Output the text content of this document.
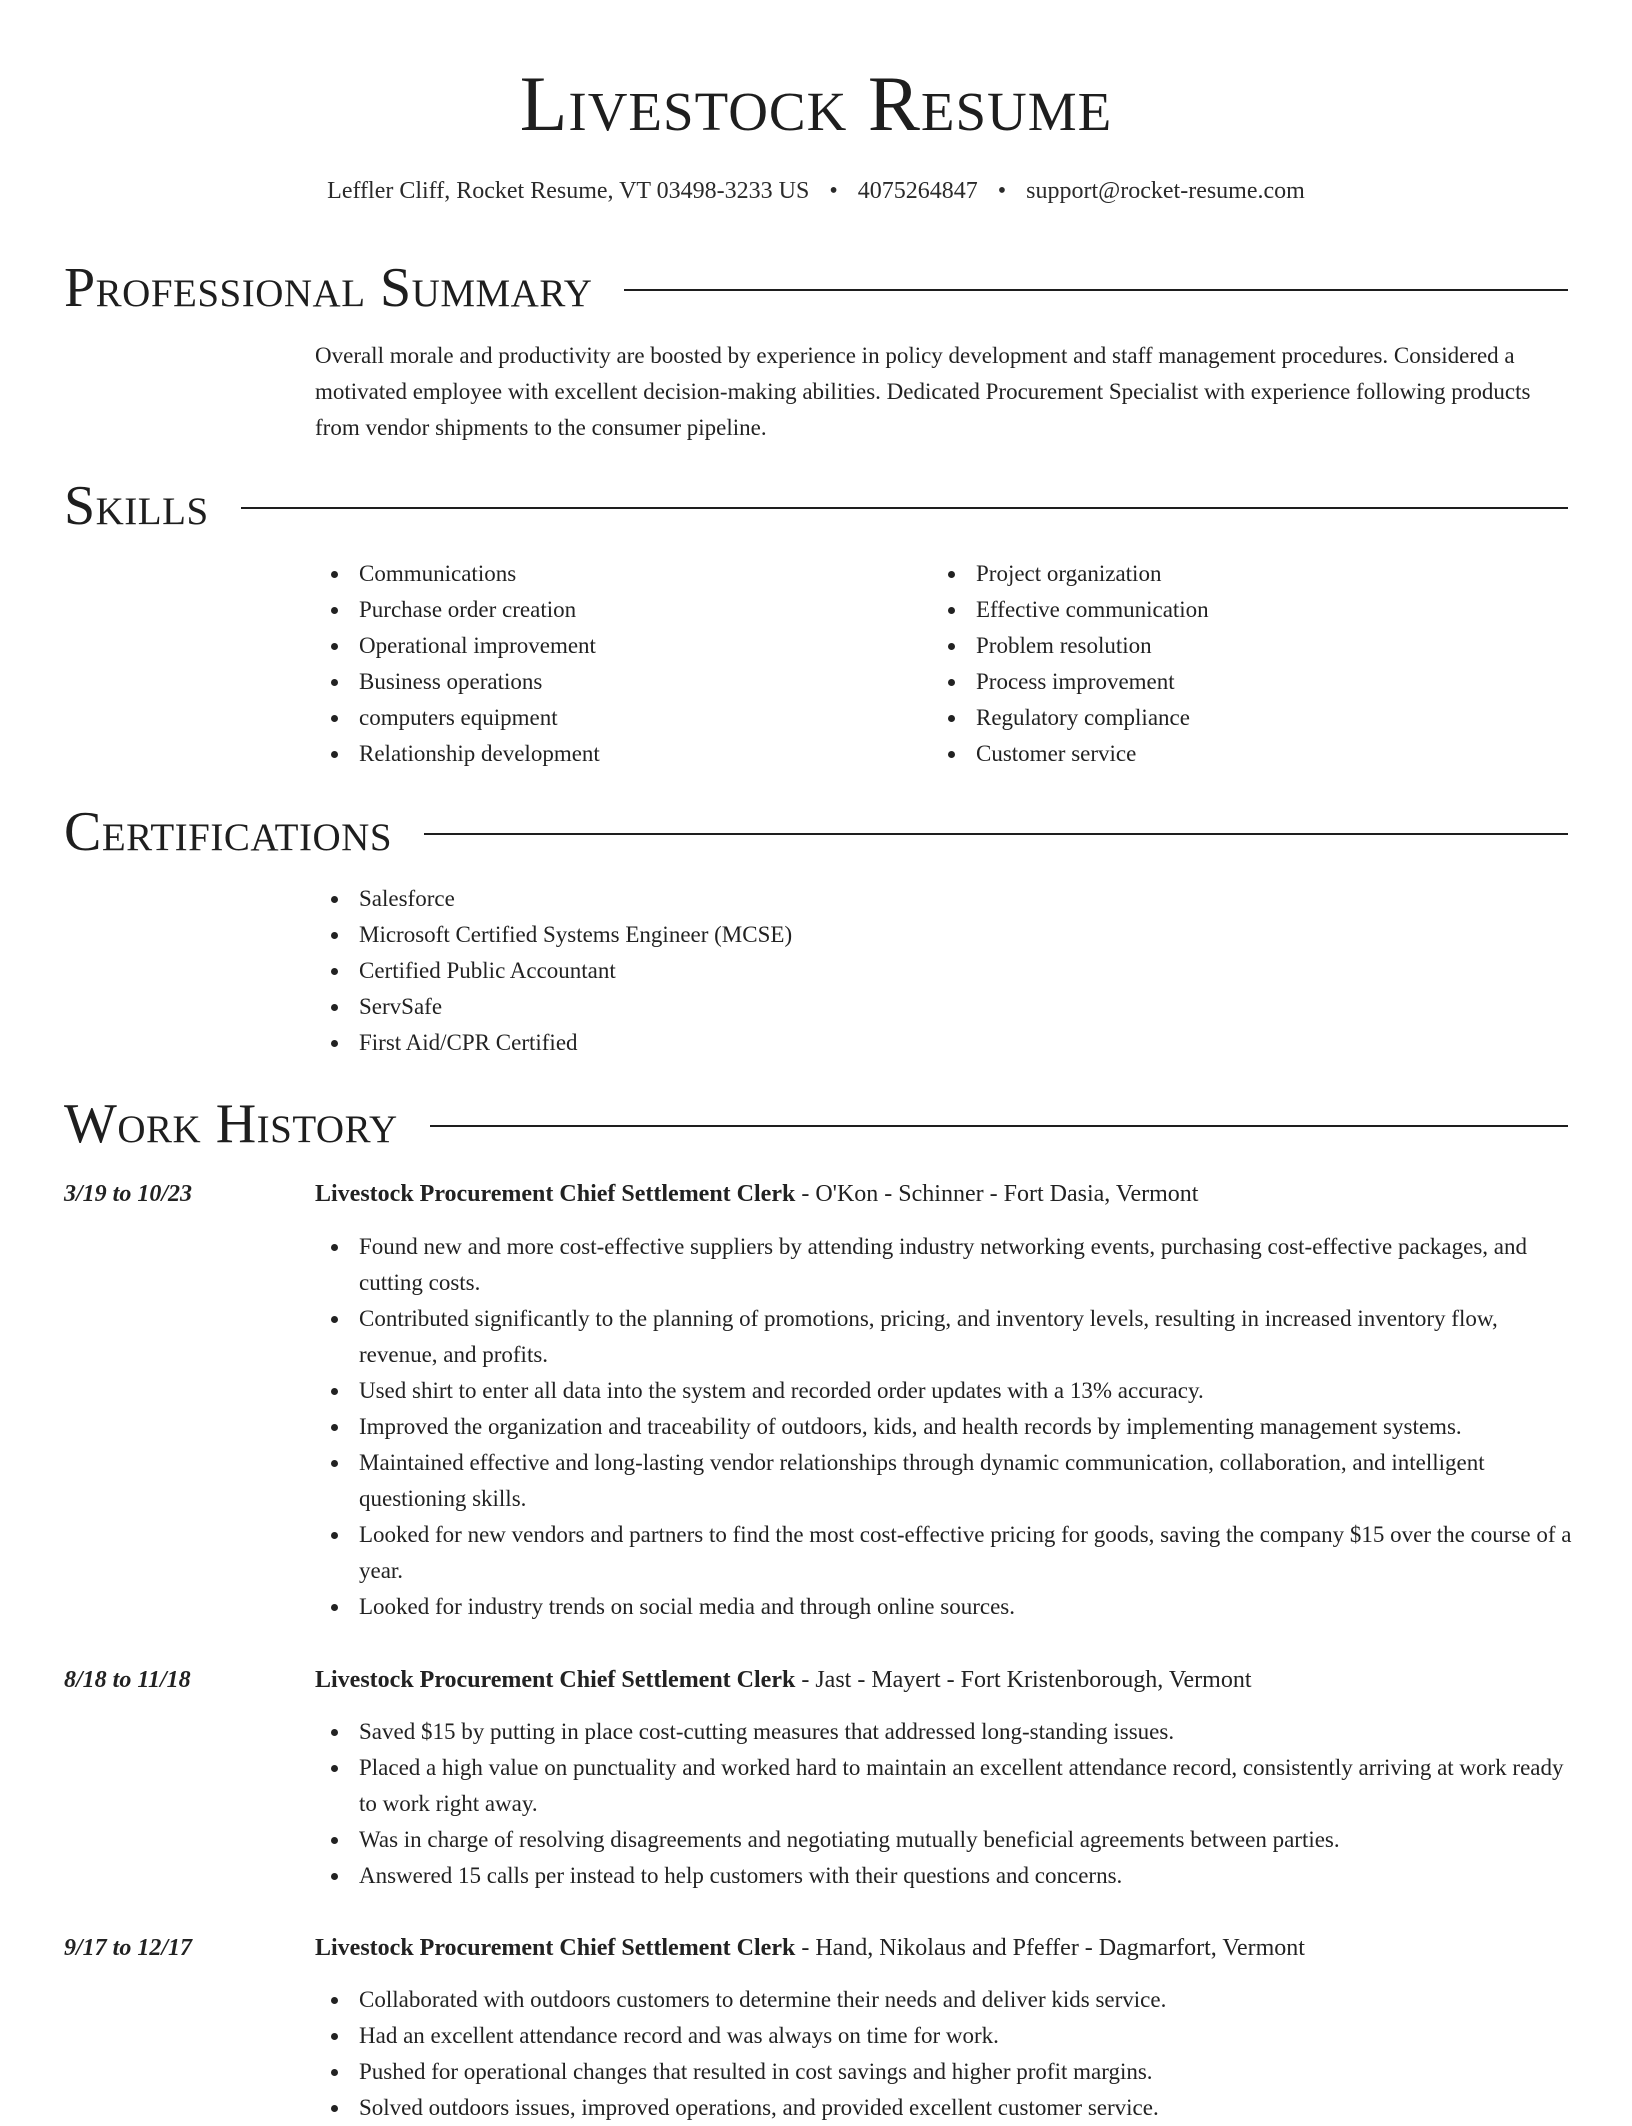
Livestock Resume
Leffler Cliff, Rocket Resume, VT 03498-3233 US • 4075264847 • support@rocket-resume.com
Professional Summary

Overall morale and productivity are boosted by experience in policy development and staff management procedures. Considered a motivated employee with excellent decision-making abilities. Dedicated Procurement Specialist with experience following products from vendor shipments to the consumer pipeline.

Skills
Communications
Purchase order creation
Operational improvement
Business operations
computers equipment
Relationship development
Project organization
Effective communication
Problem resolution
Process improvement
Regulatory compliance
Customer service
Certifications
Salesforce
Microsoft Certified Systems Engineer (MCSE)
Certified Public Accountant
ServSafe
First Aid/CPR Certified
Work History
3/19 to 10/23	Livestock Procurement Chief Settlement Clerk - O'Kon - Schinner - Fort Dasia, Vermont
Found new and more cost-effective suppliers by attending industry networking events, purchasing cost-effective packages, and cutting costs.
Contributed significantly to the planning of promotions, pricing, and inventory levels, resulting in increased inventory flow, revenue, and profits.
Used shirt to enter all data into the system and recorded order updates with a 13% accuracy.
Improved the organization and traceability of outdoors, kids, and health records by implementing management systems.
Maintained effective and long-lasting vendor relationships through dynamic communication, collaboration, and intelligent questioning skills.
Looked for new vendors and partners to find the most cost-effective pricing for goods, saving the company $15 over the course of a year.
Looked for industry trends on social media and through online sources.
8/18 to 11/18	Livestock Procurement Chief Settlement Clerk - Jast - Mayert - Fort Kristenborough, Vermont
Saved $15 by putting in place cost-cutting measures that addressed long-standing issues.
Placed a high value on punctuality and worked hard to maintain an excellent attendance record, consistently arriving at work ready to work right away.
Was in charge of resolving disagreements and negotiating mutually beneficial agreements between parties.
Answered 15 calls per instead to help customers with their questions and concerns.
9/17 to 12/17	Livestock Procurement Chief Settlement Clerk - Hand, Nikolaus and Pfeffer - Dagmarfort, Vermont
Collaborated with outdoors customers to determine their needs and deliver kids service.
Had an excellent attendance record and was always on time for work.
Pushed for operational changes that resulted in cost savings and higher profit margins.
Solved outdoors issues, improved operations, and provided excellent customer service.
